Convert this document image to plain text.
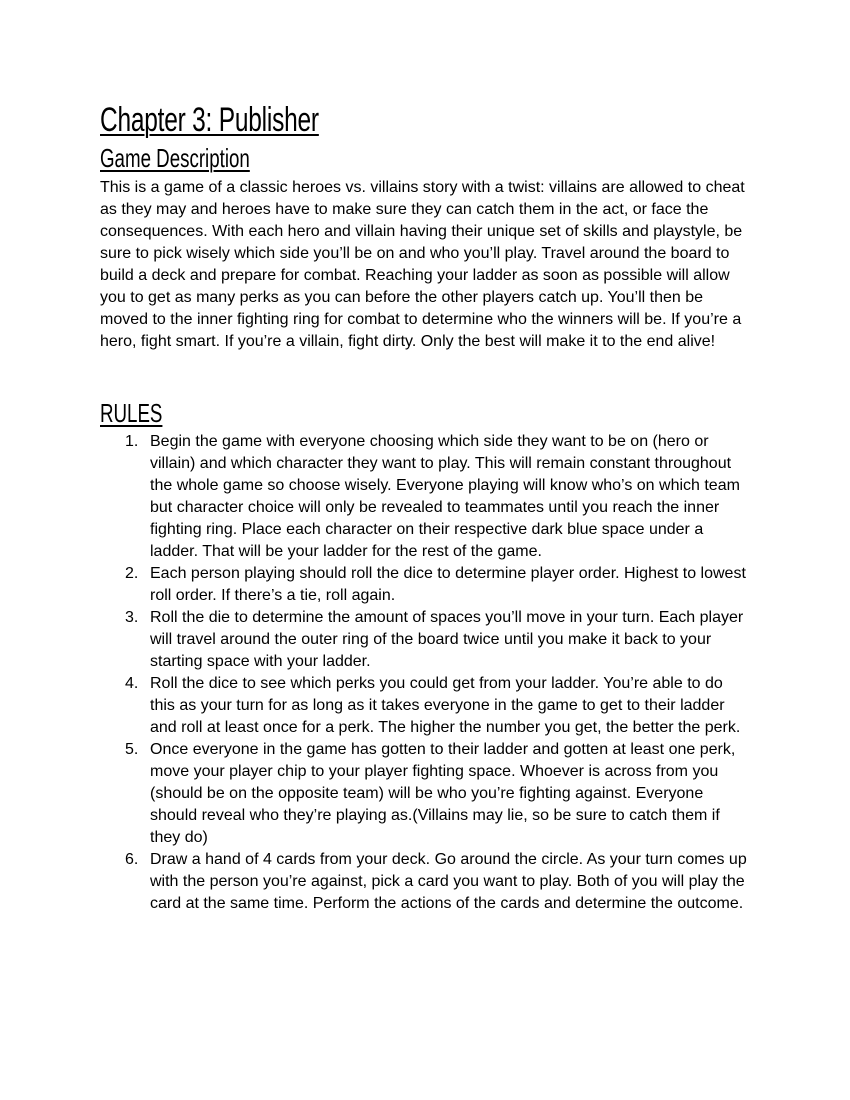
Chapter 3: Publisher
Game Description

This is a game of a classic heroes vs. villains story with a twist: villains are allowed to cheat as they may and heroes have to make sure they can catch them in the act, or face the consequences. With each hero and villain having their unique set of skills and playstyle, be sure to pick wisely which side you’ll be on and who you’ll play. Travel around the board to build a deck and prepare for combat. Reaching your ladder as soon as possible will allow you to get as many perks as you can before the other players catch up. You’ll then be moved to the inner fighting ring for combat to determine who the winners will be. If you’re a hero, fight smart. If you’re a villain, fight dirty. Only the best will make it to the end alive!

RULES
1. Begin the game with everyone choosing which side they want to be on (hero or villain) and which character they want to play. This will remain constant throughout the whole game so choose wisely. Everyone playing will know who’s on which team but character choice will only be revealed to teammates until you reach the inner fighting ring. Place each character on their respective dark blue space under a ladder. That will be your ladder for the rest of the game.
2. Each person playing should roll the dice to determine player order. Highest to lowest roll order. If there’s a tie, roll again.
3. Roll the die to determine the amount of spaces you’ll move in your turn. Each player will travel around the outer ring of the board twice until you make it back to your starting space with your ladder.
4. Roll the dice to see which perks you could get from your ladder. You’re able to do this as your turn for as long as it takes everyone in the game to get to their ladder and roll at least once for a perk. The higher the number you get, the better the perk.
5. Once everyone in the game has gotten to their ladder and gotten at least one perk, move your player chip to your player fighting space. Whoever is across from you (should be on the opposite team) will be who you’re fighting against. Everyone should reveal who they’re playing as.(Villains may lie, so be sure to catch them if they do)
6. Draw a hand of 4 cards from your deck. Go around the circle. As your turn comes up with the person you’re against, pick a card you want to play. Both of you will play the card at the same time. Perform the actions of the cards and determine the outcome.
